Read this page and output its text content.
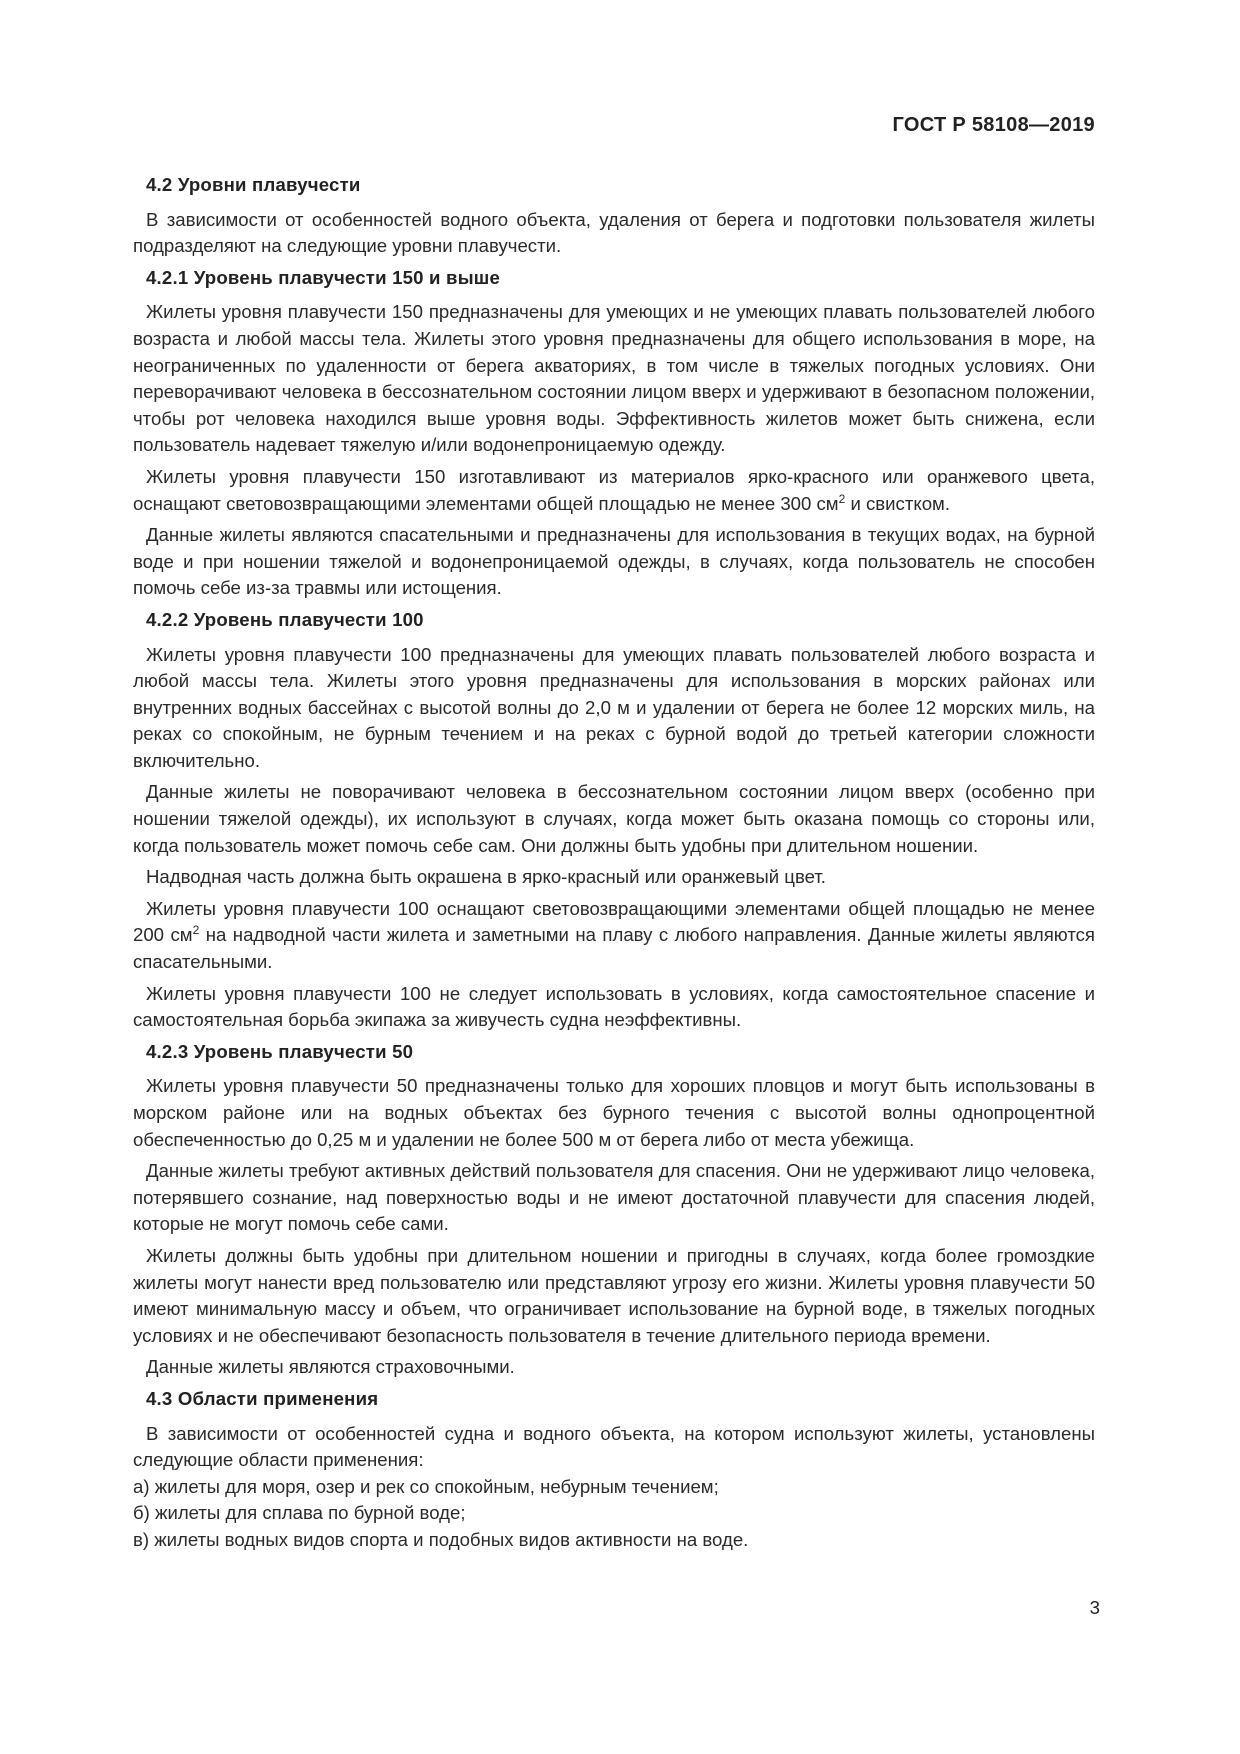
ГОСТ Р 58108—2019
4.2 Уровни плавучести

В зависимости от особенностей водного объекта, удаления от берега и подготовки пользователя жилеты подразделяют на следующие уровни плавучести.

4.2.1 Уровень плавучести 150 и выше

Жилеты уровня плавучести 150 предназначены для умеющих и не умеющих плавать пользователей любого возраста и любой массы тела. Жилеты этого уровня предназначены для общего использования в море, на неограниченных по удаленности от берега акваториях, в том числе в тяжелых погодных условиях. Они переворачивают человека в бессознательном состоянии лицом вверх и удерживают в безопасном положении, чтобы рот человека находился выше уровня воды. Эффективность жилетов может быть снижена, если пользователь надевает тяжелую и/или водонепроницаемую одежду.

Жилеты уровня плавучести 150 изготавливают из материалов ярко-красного или оранжевого цвета, оснащают световозвращающими элементами общей площадью не менее 300 $см^2$ и свистком.

Данные жилеты являются спасательными и предназначены для использования в текущих водах, на бурной воде и при ношении тяжелой и водонепроницаемой одежды, в случаях, когда пользователь не способен помочь себе из-за травмы или истощения.

4.2.2 Уровень плавучести 100

Жилеты уровня плавучести 100 предназначены для умеющих плавать пользователей любого возраста и любой массы тела. Жилеты этого уровня предназначены для использования в морских районах или внутренних водных бассейнах с высотой волны до 2,0 м и удалении от берега не более 12 морских миль, на реках со спокойным, не бурным течением и на реках с бурной водой до третьей категории сложности включительно.

Данные жилеты не поворачивают человека в бессознательном состоянии лицом вверх (особенно при ношении тяжелой одежды), их используют в случаях, когда может быть оказана помощь со стороны или, когда пользователь может помочь себе сам. Они должны быть удобны при длительном ношении.

Надводная часть должна быть окрашена в ярко-красный или оранжевый цвет.

Жилеты уровня плавучести 100 оснащают световозвращающими элементами общей площадью не менее 200 $см^2$ на надводной части жилета и заметными на плаву с любого направления. Данные жилеты являются спасательными.

Жилеты уровня плавучести 100 не следует использовать в условиях, когда самостоятельное спасение и самостоятельная борьба экипажа за живучесть судна неэффективны.

4.2.3 Уровень плавучести 50

Жилеты уровня плавучести 50 предназначены только для хороших пловцов и могут быть использованы в морском районе или на водных объектах без бурного течения с высотой волны однопроцентной обеспеченностью до 0,25 м и удалении не более 500 м от берега либо от места убежища.

Данные жилеты требуют активных действий пользователя для спасения. Они не удерживают лицо человека, потерявшего сознание, над поверхностью воды и не имеют достаточной плавучести для спасения людей, которые не могут помочь себе сами.

Жилеты должны быть удобны при длительном ношении и пригодны в случаях, когда более громоздкие жилеты могут нанести вред пользователю или представляют угрозу его жизни. Жилеты уровня плавучести 50 имеют минимальную массу и объем, что ограничивает использование на бурной воде, в тяжелых погодных условиях и не обеспечивают безопасность пользователя в течение длительного периода времени.

Данные жилеты являются страховочными.

4.3 Области применения

В зависимости от особенностей судна и водного объекта, на котором используют жилеты, установлены следующие области применения:

а) жилеты для моря, озер и рек со спокойным, небурным течением;

б) жилеты для сплава по бурной воде;

в) жилеты водных видов спорта и подобных видов активности на воде.

3
